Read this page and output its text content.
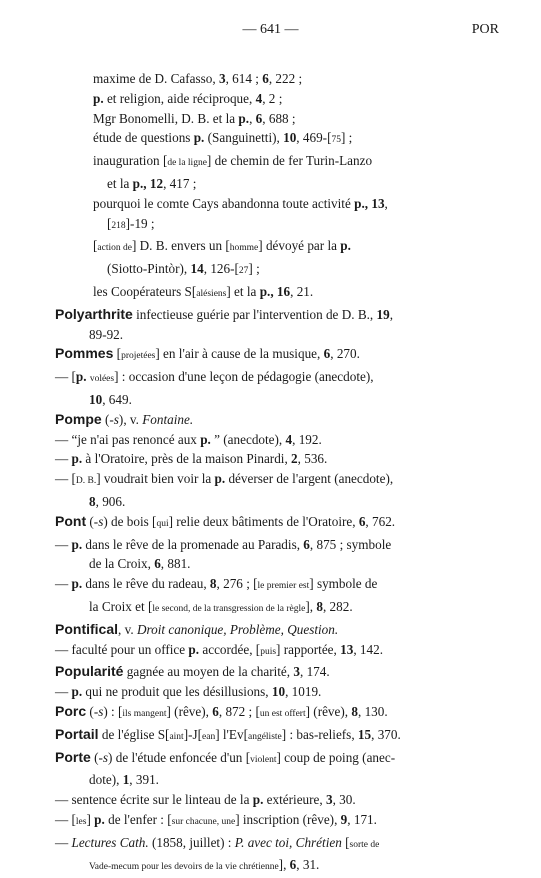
— 641 —	POR
maxime de D. Cafasso, 3, 614 ; 6, 222 ;
p. et religion, aide réciproque, 4, 2 ;
Mgr Bonomelli, D. B. et la p., 6, 688 ;
étude de questions p. (Sanguinetti), 10, 469-[75] ;
inauguration [de la ligne] de chemin de fer Turin-Lanzo
et la p., 12, 417 ;
pourquoi le comte Cays abandonna toute activité p., 13,
[218]-19 ;
[action de] D. B. envers un [homme] dévoyé par la p.
(Siotto-Pintòr), 14, 126-[27] ;
les Coopérateurs S[alésiens] et la p., 16, 21.
Polyarthrite infectieuse guérie par l'intervention de D. B., 19,
89-92.
Pommes [projetées] en l'air à cause de la musique, 6, 270.
— [p. volées] : occasion d'une leçon de pédagogie (anecdote),
10, 649.
Pompe (-s), v. Fontaine.
— “je n'ai pas renoncé aux p. ” (anecdote), 4, 192.
— p. à l'Oratoire, près de la maison Pinardi, 2, 536.
— [D. B.] voudrait bien voir la p. déverser de l'argent (anecdote),
8, 906.
Pont (-s) de bois [qui] relie deux bâtiments de l'Oratoire, 6, 762.
— p. dans le rêve de la promenade au Paradis, 6, 875 ; symbole
de la Croix, 6, 881.
— p. dans le rêve du radeau, 8, 276 ; [le premier est] symbole de
la Croix et [le second, de la transgression de la règle], 8, 282.
Pontifical, v. Droit canonique, Problème, Question.
— faculté pour un office p. accordée, [puis] rapportée, 13, 142.
Popularité gagnée au moyen de la charité, 3, 174.
— p. qui ne produit que les désillusions, 10, 1019.
Porc (-s) : [ils mangent] (rêve), 6, 872 ; [un est offert] (rêve), 8, 130.
Portail de l'église S[aint]-J[ean] l'Ev[angéliste] : bas-reliefs, 15, 370.
Porte (-s) de l'étude enfoncée d'un [violent] coup de poing (anec-
dote), 1, 391.
— sentence écrite sur le linteau de la p. extérieure, 3, 30.
— [les] p. de l'enfer : [sur chacune, une] inscription (rêve), 9, 171.
— Lectures Cath. (1858, juillet) : P. avec toi, Chrétien [sorte de
Vade-mecum pour les devoirs de la vie chrétienne], 6, 31.
